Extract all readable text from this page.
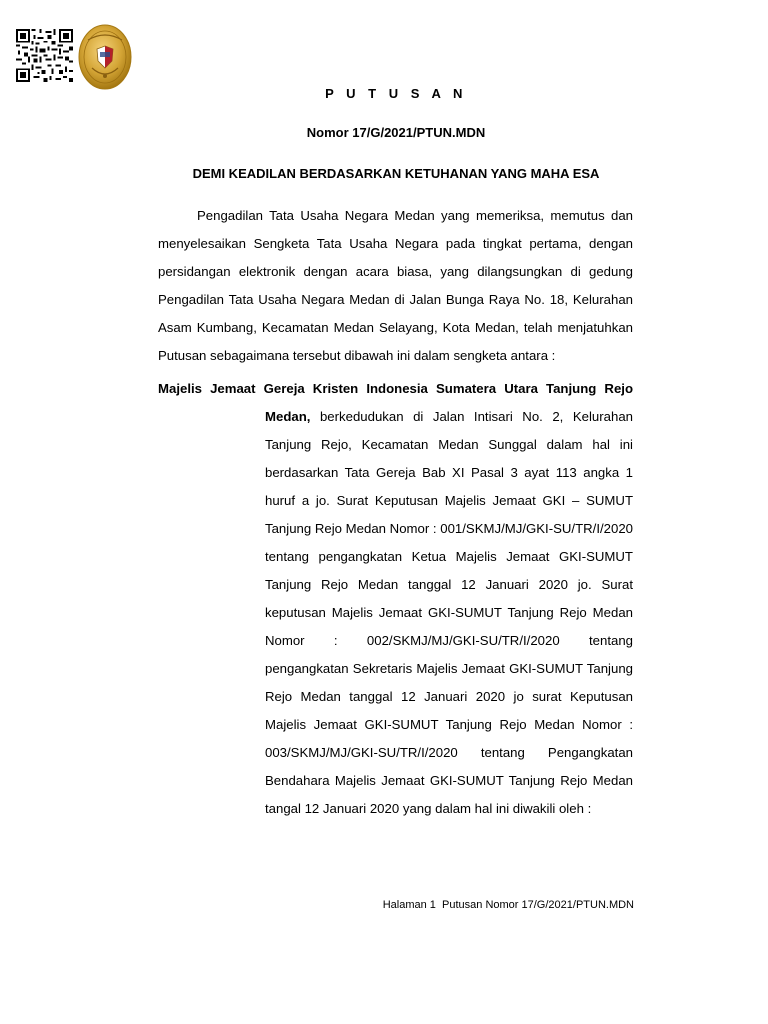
P U T U S A N
Nomor 17/G/2021/PTUN.MDN
DEMI KEADILAN BERDASARKAN KETUHANAN YANG MAHA ESA

Pengadilan Tata Usaha Negara Medan yang memeriksa, memutus dan menyelesaikan Sengketa Tata Usaha Negara pada tingkat pertama, dengan persidangan elektronik dengan acara biasa, yang dilangsungkan di gedung Pengadilan Tata Usaha Negara Medan di Jalan Bunga Raya No. 18, Kelurahan Asam Kumbang, Kecamatan Medan Selayang, Kota Medan, telah menjatuhkan Putusan sebagaimana tersebut dibawah ini dalam sengketa antara :

Majelis Jemaat Gereja Kristen Indonesia Sumatera Utara Tanjung Rejo

Medan, berkedudukan di Jalan Intisari No. 2, Kelurahan Tanjung Rejo, Kecamatan Medan Sunggal dalam hal ini berdasarkan Tata Gereja Bab XI Pasal 3 ayat 113 angka 1 huruf a jo. Surat Keputusan Majelis Jemaat GKI – SUMUT Tanjung Rejo Medan Nomor : 001/SKMJ/MJ/GKI-SU/TR/I/2020 tentang pengangkatan Ketua Majelis Jemaat GKI-SUMUT Tanjung Rejo Medan tanggal 12 Januari 2020 jo. Surat keputusan Majelis Jemaat GKI-SUMUT Tanjung Rejo Medan Nomor : 002/SKMJ/MJ/GKI-SU/TR/I/2020 tentang pengangkatan Sekretaris Majelis Jemaat GKI-SUMUT Tanjung Rejo Medan tanggal 12 Januari 2020 jo surat Keputusan Majelis Jemaat GKI-SUMUT Tanjung Rejo Medan Nomor : 003/SKMJ/MJ/GKI-SU/TR/I/2020 tentang Pengangkatan Bendahara Majelis Jemaat GKI-SUMUT Tanjung Rejo Medan tangal 12 Januari 2020 yang dalam hal ini diwakili oleh :

Halaman 1  Putusan Nomor 17/G/2021/PTUN.MDN
